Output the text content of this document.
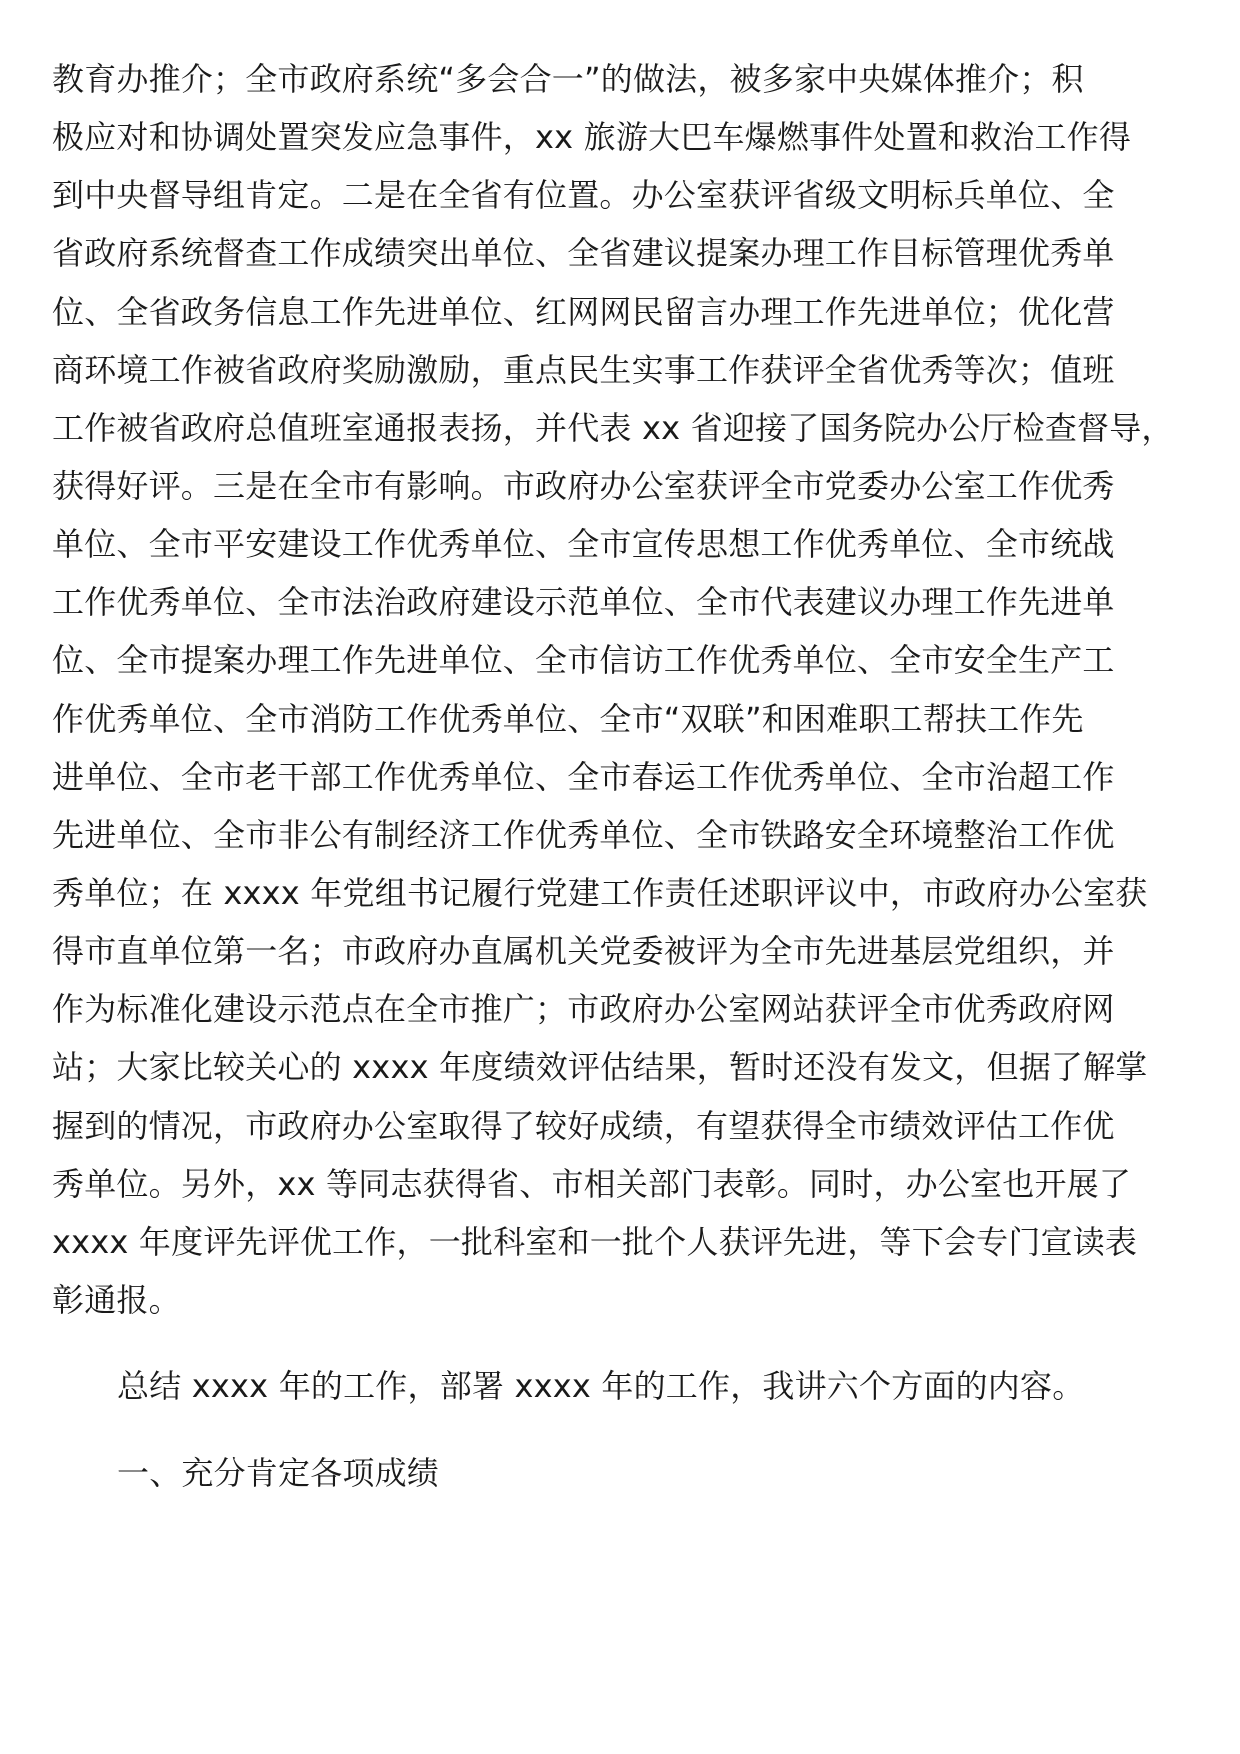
教育办推介；全市政府系统“多会合一”的做法，被多家中央媒体推介；积
极应对和协调处置突发应急事件，xx 旅游大巴车爆燃事件处置和救治工作得
到中央督导组肯定。二是在全省有位置。办公室获评省级文明标兵单位、全
省政府系统督查工作成绩突出单位、全省建议提案办理工作目标管理优秀单
位、全省政务信息工作先进单位、红网网民留言办理工作先进单位；优化营
商环境工作被省政府奖励激励，重点民生实事工作获评全省优秀等次；值班
工作被省政府总值班室通报表扬，并代表 xx 省迎接了国务院办公厅检查督导，
获得好评。三是在全市有影响。市政府办公室获评全市党委办公室工作优秀
单位、全市平安建设工作优秀单位、全市宣传思想工作优秀单位、全市统战
工作优秀单位、全市法治政府建设示范单位、全市代表建议办理工作先进单
位、全市提案办理工作先进单位、全市信访工作优秀单位、全市安全生产工
作优秀单位、全市消防工作优秀单位、全市“双联”和困难职工帮扶工作先
进单位、全市老干部工作优秀单位、全市春运工作优秀单位、全市治超工作
先进单位、全市非公有制经济工作优秀单位、全市铁路安全环境整治工作优
秀单位；在 xxxx 年党组书记履行党建工作责任述职评议中，市政府办公室获
得市直单位第一名；市政府办直属机关党委被评为全市先进基层党组织，并
作为标准化建设示范点在全市推广；市政府办公室网站获评全市优秀政府网
站；大家比较关心的 xxxx 年度绩效评估结果，暂时还没有发文，但据了解掌
握到的情况，市政府办公室取得了较好成绩，有望获得全市绩效评估工作优
秀单位。另外，xx 等同志获得省、市相关部门表彰。同时，办公室也开展了
xxxx 年度评先评优工作，一批科室和一批个人获评先进，等下会专门宣读表
彰通报。
总结 xxxx 年的工作，部署 xxxx 年的工作，我讲六个方面的内容。
一、充分肯定各项成绩
